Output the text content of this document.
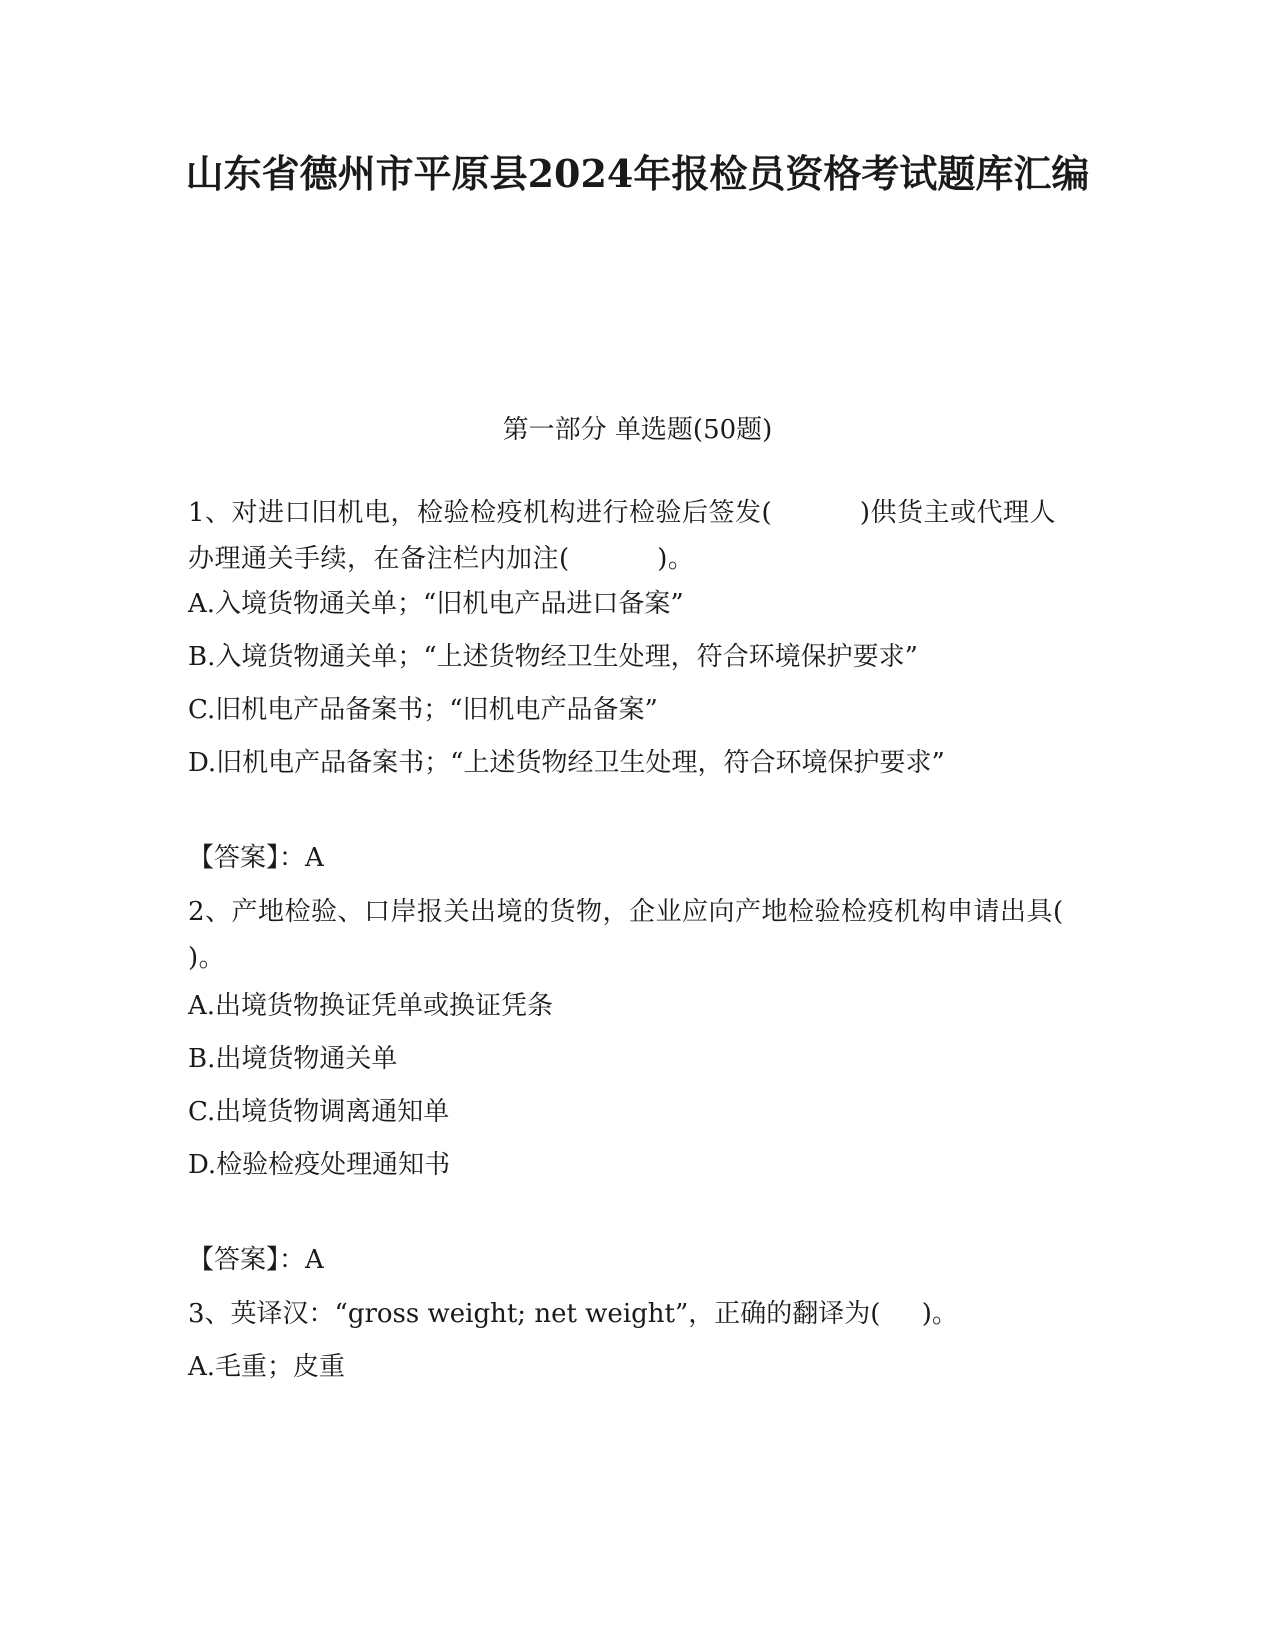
山东省德州市平原县2024年报检员资格考试题库汇编
第一部分 单选题(50题)
1、对进口旧机电，检验检疫机构进行检验后签发(          )供货主或代理人办理通关手续，在备注栏内加注(          )。
A.入境货物通关单；“旧机电产品进口备案”
B.入境货物通关单；“上述货物经卫生处理，符合环境保护要求”
C.旧机电产品备案书；“旧机电产品备案”
D.旧机电产品备案书；“上述货物经卫生处理，符合环境保护要求”
【答案】：A
2、产地检验、口岸报关出境的货物，企业应向产地检验检疫机构申请出具(      )。
A.出境货物换证凭单或换证凭条
B.出境货物通关单
C.出境货物调离通知单
D.检验检疫处理通知书
【答案】：A
3、英译汉：“gross weight; net weight”，正确的翻译为(     )。
A.毛重；皮重
